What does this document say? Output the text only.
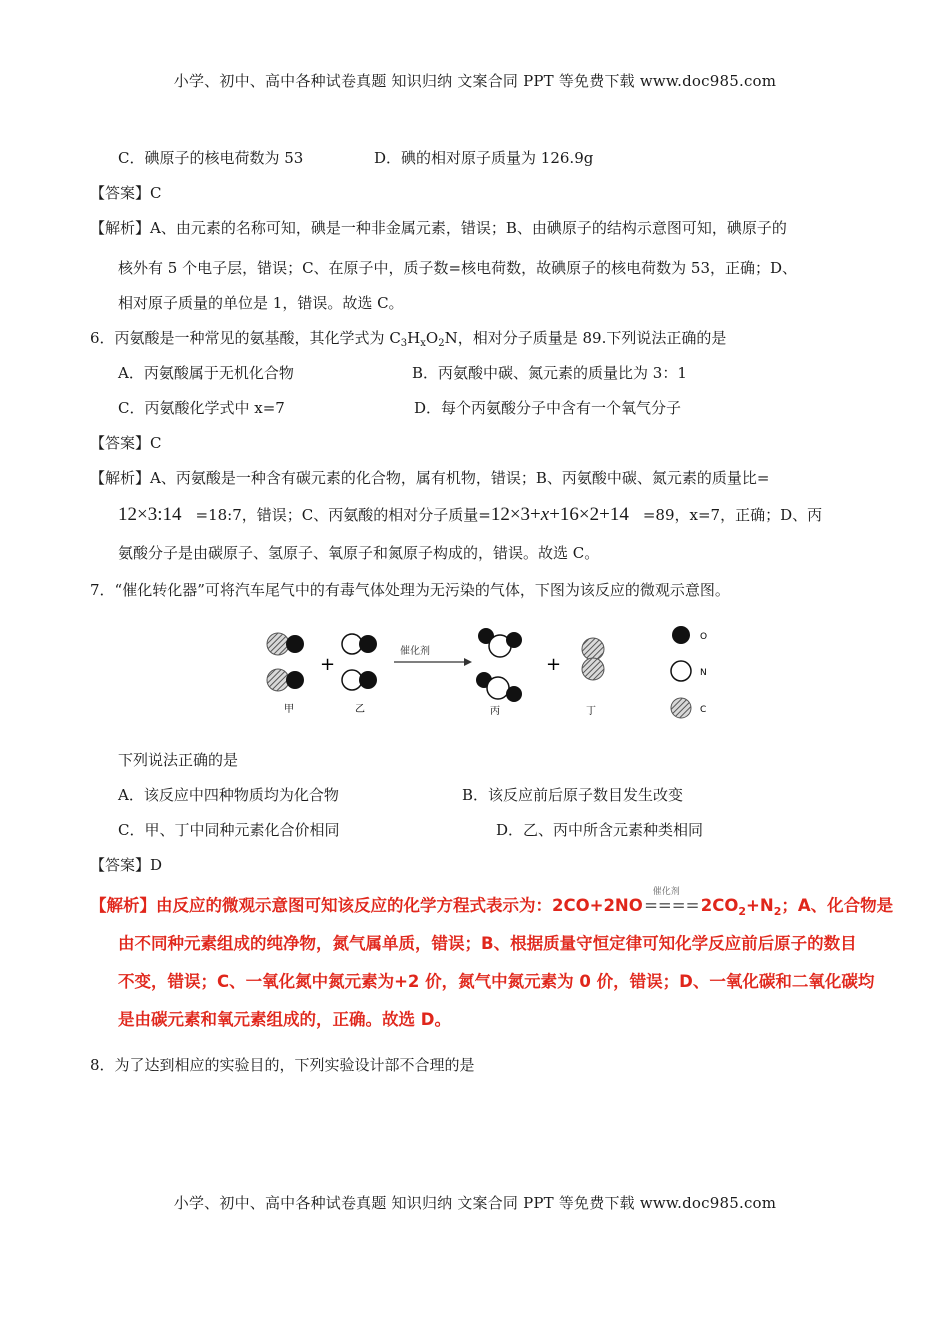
小学、初中、高中各种试卷真题 知识归纳 文案合同 PPT 等免费下载 www.doc985.com
C．碘原子的核电荷数为 53	D．碘的相对原子质量为 126.9g
【答案】C
【解析】A、由元素的名称可知，碘是一种非金属元素，错误；B、由碘原子的结构示意图可知，碘原子的
核外有 5 个电子层，错误；C、在原子中，质子数=核电荷数，故碘原子的核电荷数为 53，正确；D、
相对原子质量的单位是 1，错误。故选 C。
6．丙氨酸是一种常见的氨基酸，其化学式为 $C_3H_xO_2N$，相对分子质量是 89.下列说法正确的是
A．丙氨酸属于无机化合物	B．丙氨酸中碳、氮元素的质量比为 3：1
C．丙氨酸化学式中 x=7	D．每个丙氨酸分子中含有一个氧气分子
【答案】C
【解析】A、丙氨酸是一种含有碳元素的化合物，属有机物，错误；B、丙氨酸中碳、氮元素的质量比=
12×3:14 =18:7，错误；C、丙氨酸的相对分子质量=12×3+x+16×2+14 =89，x=7，正确；D、丙
氨酸分子是由碳原子、氢原子、氧原子和氮原子构成的，错误。故选 C。
7．“催化转化器”可将汽车尾气中的有毒气体处理为无污染的气体，下图为该反应的微观示意图。
+
催化剂
+
O
N
C
甲	乙	丙	丁
下列说法正确的是
A．该反应中四种物质均为化合物	B．该反应前后原子数目发生改变
C．甲、丁中同种元素化合价相同	D．乙、丙中所含元素种类相同
【答案】D
【解析】由反应的微观示意图可知该反应的化学方程式表示为：2CO+2NO
催化剂
$====2CO_2+N_2$；A、化合物是
由不同种元素组成的纯净物，氮气属单质，错误；B、根据质量守恒定律可知化学反应前后原子的数目
不变，错误；C、一氧化氮中氮元素为+2 价，氮气中氮元素为 0 价，错误；D、一氧化碳和二氧化碳均
是由碳元素和氧元素组成的，正确。故选 D。
8．为了达到相应的实验目的，下列实验设计部不合理的是
小学、初中、高中各种试卷真题 知识归纳 文案合同 PPT 等免费下载 www.doc985.com
